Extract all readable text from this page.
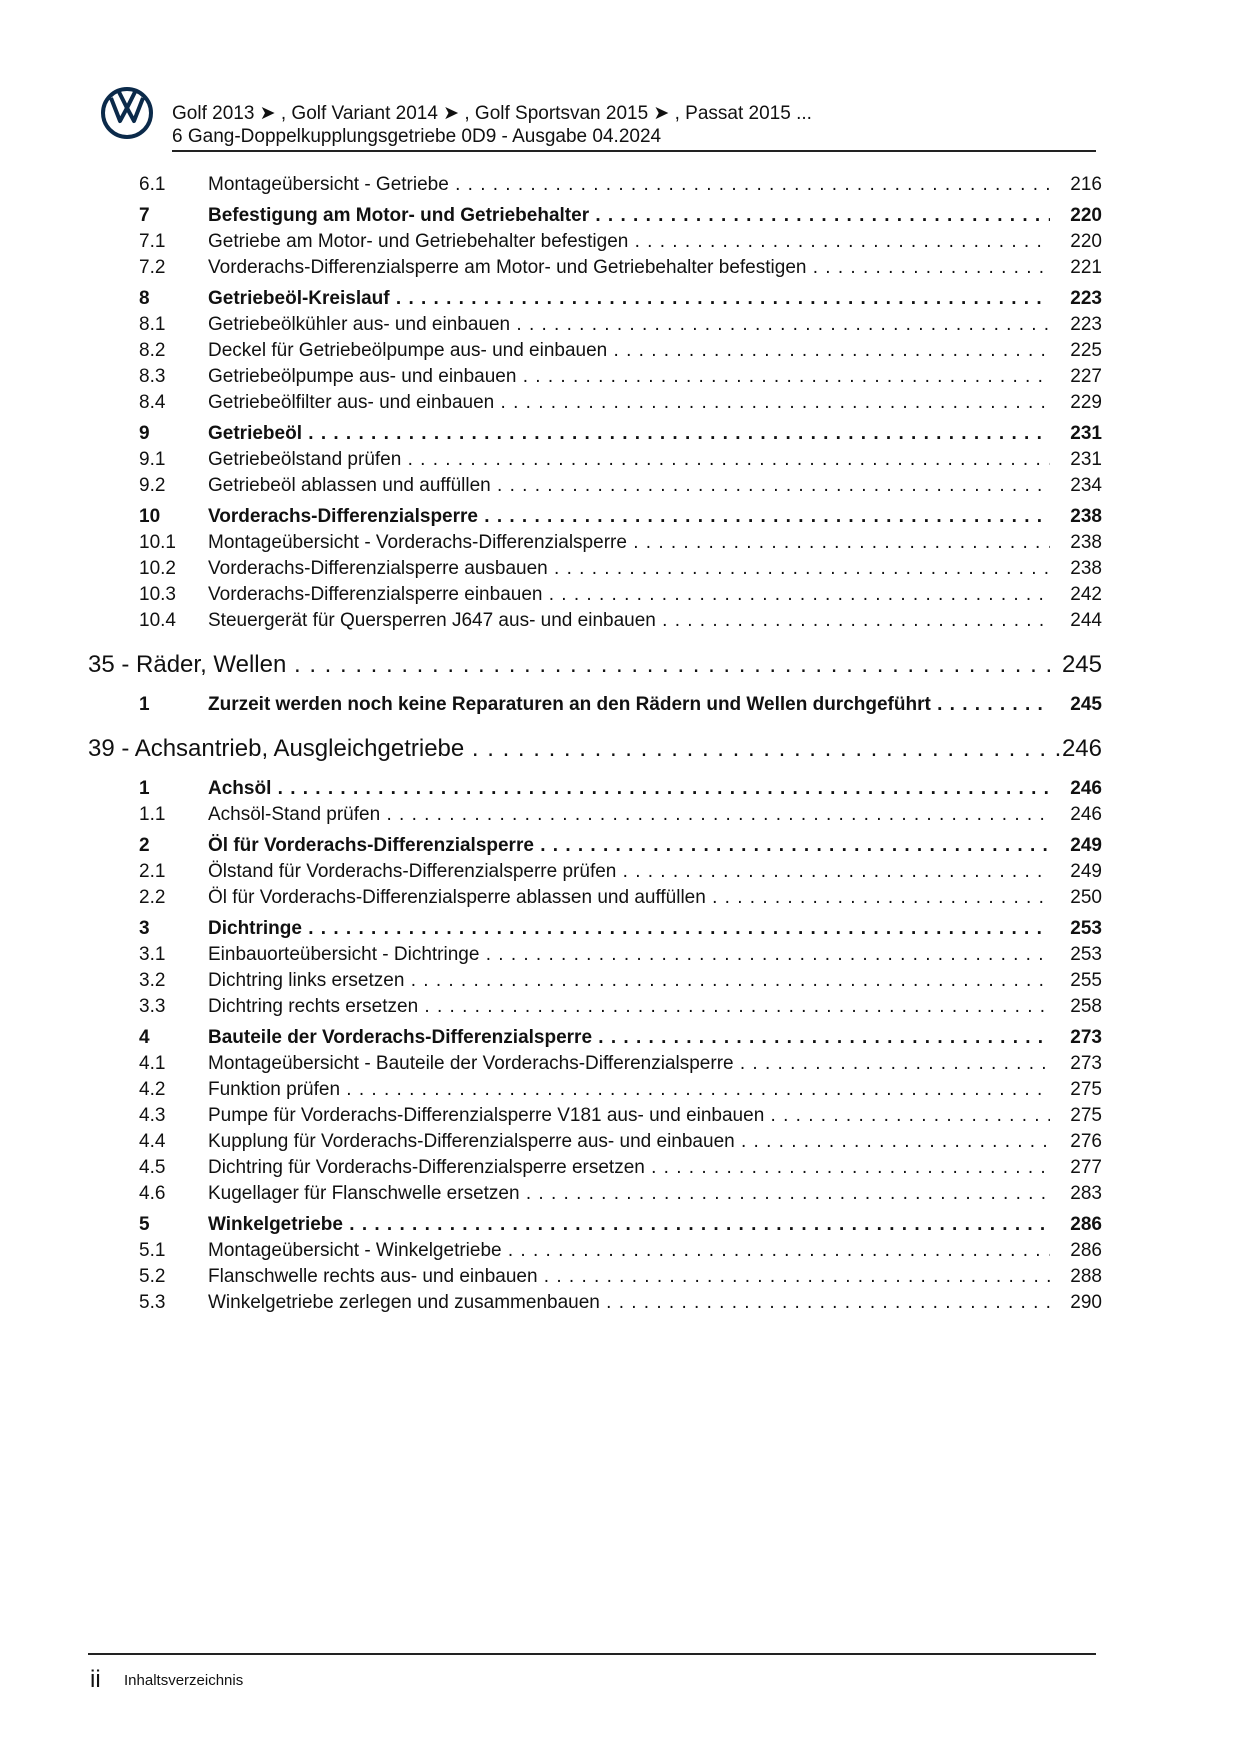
Golf 2013 ➤ , Golf Variant 2014 ➤ , Golf Sportsvan 2015 ➤ , Passat 2015 ...
6 Gang-Doppelkupplungsgetriebe 0D9 - Ausgabe 04.2024
6.1 Montageübersicht - Getriebe . . .	216
7	Befestigung am Motor- und Getriebehalter . . .	220
7.1 Getriebe am Motor- und Getriebehalter befestigen . . .	220
7.2 Vorderachs-Differenzialsperre am Motor- und Getriebehalter befestigen . . .	221
8	Getriebeöl-Kreislauf . . .	223
8.1 Getriebeölkühler aus- und einbauen . . .	223
8.2 Deckel für Getriebeölpumpe aus- und einbauen . . .	225
8.3 Getriebeölpumpe aus- und einbauen . . .	227
8.4 Getriebeölfilter aus- und einbauen . . .	229
9	Getriebeöl . . .	231
9.1 Getriebeölstand prüfen . . .	231
9.2 Getriebeöl ablassen und auffüllen . . .	234
10	Vorderachs-Differenzialsperre . . .	238
10.1 Montageübersicht - Vorderachs-Differenzialsperre . . .	238
10.2 Vorderachs-Differenzialsperre ausbauen . . .	238
10.3 Vorderachs-Differenzialsperre einbauen . . .	242
10.4 Steuergerät für Quersperren J647 aus- und einbauen . . .	244
35 - Räder, Wellen . . .	245
1	Zurzeit werden noch keine Reparaturen an den Rädern und Wellen durchgeführt . . .	245
39 - Achsantrieb, Ausgleichgetriebe . . .	246
1	Achsöl . . .	246
1.1 Achsöl-Stand prüfen . . .	246
2	Öl für Vorderachs-Differenzialsperre . . .	249
2.1 Ölstand für Vorderachs-Differenzialsperre prüfen . . .	249
2.2 Öl für Vorderachs-Differenzialsperre ablassen und auffüllen . . .	250
3	Dichtringe . . .	253
3.1 Einbauorteübersicht - Dichtringe . . .	253
3.2 Dichtring links ersetzen . . .	255
3.3 Dichtring rechts ersetzen . . .	258
4	Bauteile der Vorderachs-Differenzialsperre . . .	273
4.1 Montageübersicht - Bauteile der Vorderachs-Differenzialsperre . . .	273
4.2 Funktion prüfen . . .	275
4.3 Pumpe für Vorderachs-Differenzialsperre V181 aus- und einbauen . . .	275
4.4 Kupplung für Vorderachs-Differenzialsperre aus- und einbauen . . .	276
4.5 Dichtring für Vorderachs-Differenzialsperre ersetzen . . .	277
4.6 Kugellager für Flanschwelle ersetzen . . .	283
5	Winkelgetriebe . . .	286
5.1 Montageübersicht - Winkelgetriebe . . .	286
5.2 Flanschwelle rechts aus- und einbauen . . .	288
5.3 Winkelgetriebe zerlegen und zusammenbauen . . .	290
ii Inhaltsverzeichnis
